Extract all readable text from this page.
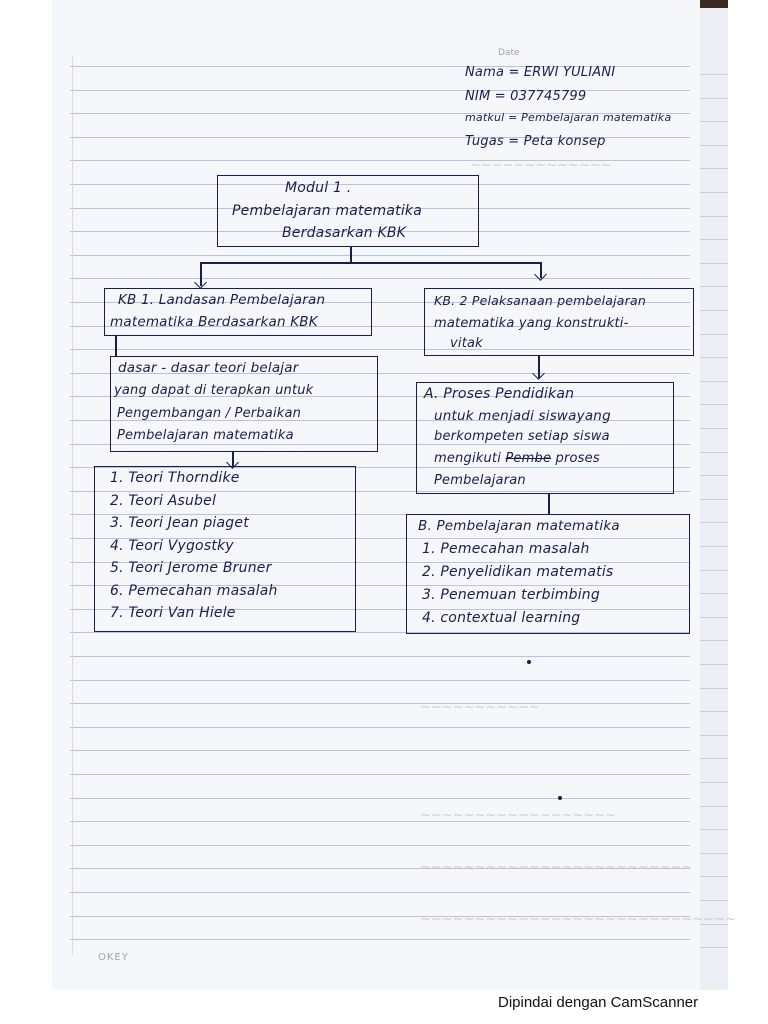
Date
~~~~~~~~~~~~~
~~~~~~~~~~~
~~~~~~~~~~~~~~~~~~
~~~~~~~~~~~~~~~~~~~~~~~~~
~~~~~~~~~~~~~~~~~~~~~~~~~~~~~
Nama = ERWI YULIANI
NIM = 037745799
matkul = Pembelajaran matematika
Tugas = Peta konsep
Modul 1 .
Pembelajaran matematika
Berdasarkan KBK
KB 1. Landasan Pembelajaran
matematika Berdasarkan KBK
KB. 2 Pelaksanaan pembelajaran
matematika yang konstrukti-
vitak
dasar - dasar teori belajar
yang dapat di terapkan untuk
Pengembangan / Perbaikan
Pembelajaran matematika
A. Proses Pendidikan
untuk menjadi siswayang
berkompeten setiap siswa
mengikuti Pembe proses
Pembelajaran
1. Teori Thorndike
2. Teori Asubel
3. Teori Jean piaget
4. Teori Vygostky
5. Teori Jerome Bruner
6. Pemecahan masalah
7. Teori Van Hiele
B. Pembelajaran matematika
1. Pemecahan masalah
2. Penyelidikan matematis
3. Penemuan terbimbing
4. contextual learning
OKEY
Dipindai dengan CamScanner
